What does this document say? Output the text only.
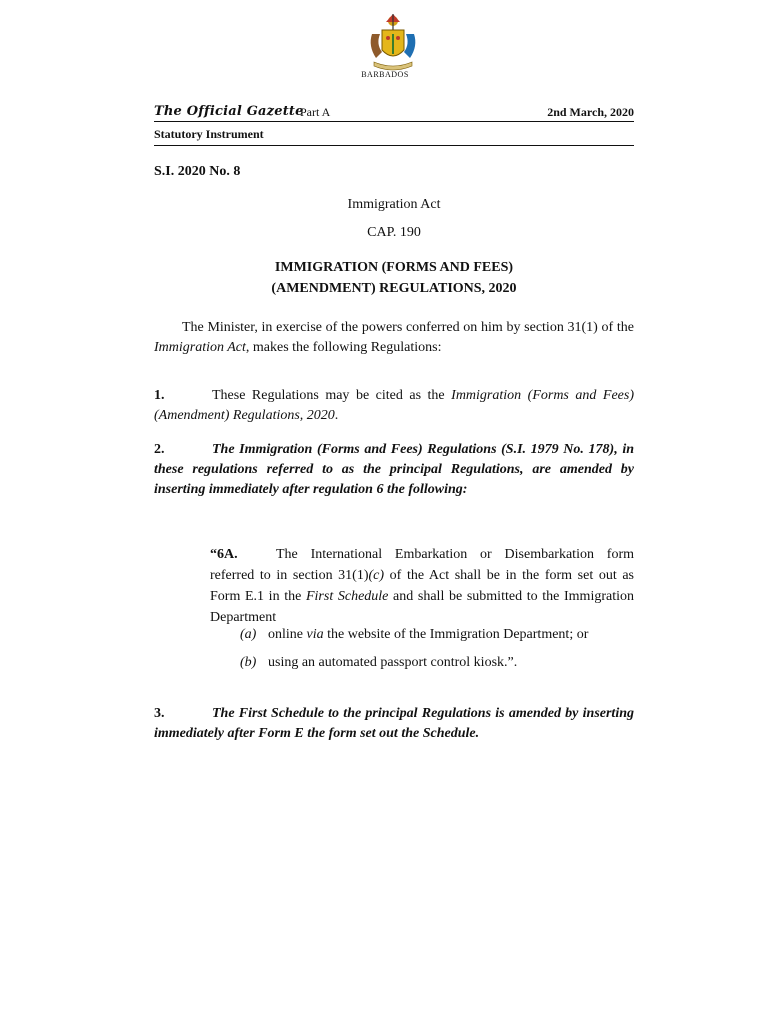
BARBADOS
The Official Gazette
Part A	2nd March, 2020
Statutory Instrument
S.I. 2020 No. 8
Immigration Act
CAP. 190
IMMIGRATION (FORMS AND FEES)
(AMENDMENT) REGULATIONS, 2020
The Minister, in exercise of the powers conferred on him by section 31(1) of the Immigration Act, makes the following Regulations:
1.	These Regulations may be cited as the Immigration (Forms and Fees) (Amendment) Regulations, 2020.
2.	The Immigration (Forms and Fees) Regulations (S.I. 1979 No. 178), in these regulations referred to as the principal Regulations, are amended by inserting immediately after regulation 6 the following:
“6A.	The International Embarkation or Disembarkation form referred to in section 31(1)(c) of the Act shall be in the form set out as Form E.1 in the First Schedule and shall be submitted to the Immigration Department
(a) online via the website of the Immigration Department; or
(b) using an automated passport control kiosk.”.
3.	The First Schedule to the principal Regulations is amended by inserting immediately after Form E the form set out the Schedule.
